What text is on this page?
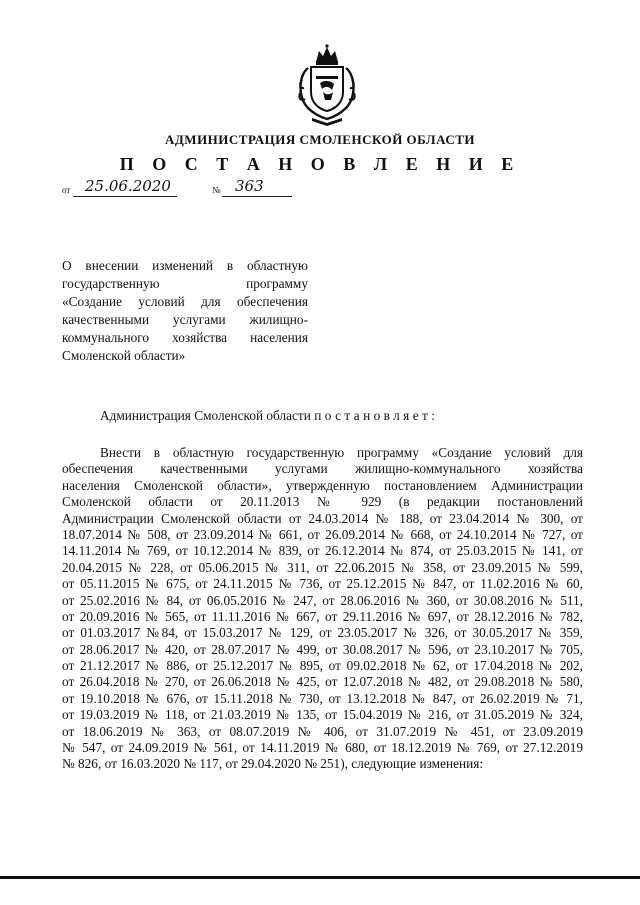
АДМИНИСТРАЦИЯ СМОЛЕНСКОЙ ОБЛАСТИ
П О С Т А Н О В Л Е Н И Е
от 25.06.2020	№ 363
О внесении изменений в областную
государственную программу
«Создание условий для обеспечения
качественными услугами жилищно-
коммунального хозяйства населения
Смоленской области»
Администрация Смоленской области постановляет:
Внести в областную государственную программу «Создание условий для
обеспечения качественными услугами жилищно-коммунального хозяйства
населения Смоленской области», утвержденную постановлением Администрации
Смоленской области от 20.11.2013 № 929 (в редакции постановлений
Администрации Смоленской области от 24.03.2014 № 188, от 23.04.2014 № 300, от
18.07.2014 № 508, от 23.09.2014 № 661, от 26.09.2014 № 668, от 24.10.2014 № 727, от
14.11.2014 № 769, от 10.12.2014 № 839, от 26.12.2014 № 874, от 25.03.2015 № 141, от
20.04.2015 № 228, от 05.06.2015 № 311, от 22.06.2015 № 358, от 23.09.2015 № 599,
от 05.11.2015 № 675, от 24.11.2015 № 736, от 25.12.2015 № 847, от 11.02.2016 № 60,
от 25.02.2016 № 84, от 06.05.2016 № 247, от 28.06.2016 № 360, от 30.08.2016 № 511,
от 20.09.2016 № 565, от 11.11.2016 № 667, от 29.11.2016 № 697, от 28.12.2016 № 782,
от 01.03.2017 №84, от 15.03.2017 № 129, от 23.05.2017 № 326, от 30.05.2017 № 359,
от 28.06.2017 № 420, от 28.07.2017 № 499, от 30.08.2017 № 596, от 23.10.2017 № 705,
от 21.12.2017 № 886, от 25.12.2017 № 895, от 09.02.2018 № 62, от 17.04.2018 № 202,
от 26.04.2018 № 270, от 26.06.2018 № 425, от 12.07.2018 № 482, от 29.08.2018 № 580,
от 19.10.2018 № 676, от 15.11.2018 № 730, от 13.12.2018 № 847, от 26.02.2019 № 71,
от 19.03.2019 № 118, от 21.03.2019 № 135, от 15.04.2019 № 216, от 31.05.2019 № 324,
от 18.06.2019 № 363, от 08.07.2019 № 406, от 31.07.2019 № 451, от 23.09.2019
№ 547, от 24.09.2019 № 561, от 14.11.2019 № 680, от 18.12.2019 № 769, от 27.12.2019
№ 826, от 16.03.2020 № 117, от 29.04.2020 № 251), следующие изменения:
